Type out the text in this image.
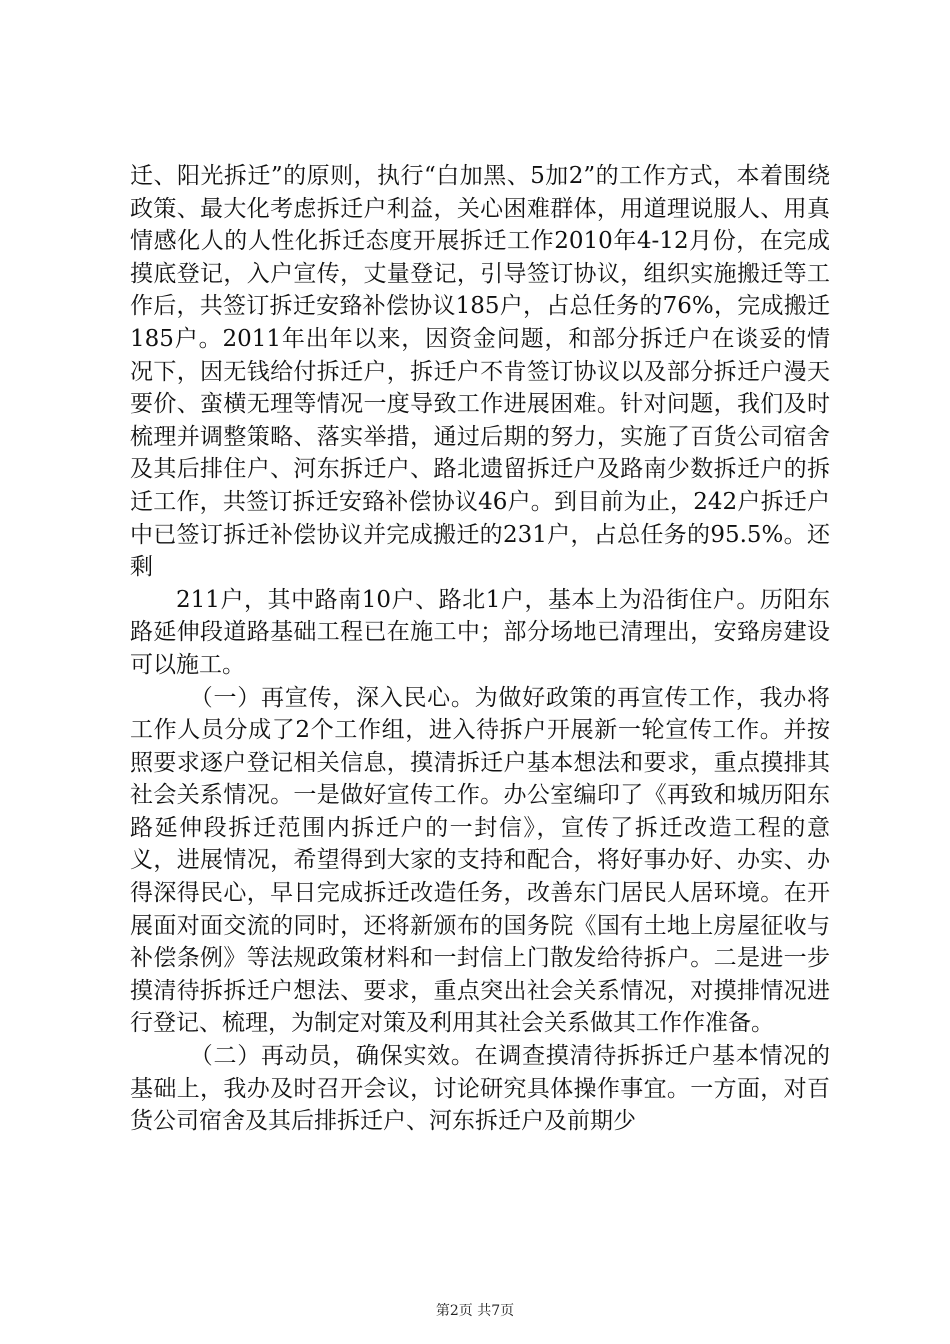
迁、阳光拆迁”的原则，执行“白加黑、5加2”的工作方式，本着围绕政策、最大化考虑拆迁户利益，关心困难群体，用道理说服人、用真情感化人的人性化拆迁态度开展拆迁工作2010年4-12月份，在完成摸底登记，入户宣传，丈量登记，引导签订协议，组织实施搬迁等工作后，共签订拆迁安臵补偿协议185户，占总任务的76%，完成搬迁185户。2011年出年以来，因资金问题，和部分拆迁户在谈妥的情况下，因无钱给付拆迁户，拆迁户不肯签订协议以及部分拆迁户漫天要价、蛮横无理等情况一度导致工作进展困难。针对问题，我们及时梳理并调整策略、落实举措，通过后期的努力，实施了百货公司宿舍及其后排住户、河东拆迁户、路北遗留拆迁户及路南少数拆迁户的拆迁工作，共签订拆迁安臵补偿协议46户。到目前为止，242户拆迁户中已签订拆迁补偿协议并完成搬迁的231户，占总任务的95.5%。还剩

211户，其中路南10户、路北1户，基本上为沿街住户。历阳东路延伸段道路基础工程已在施工中；部分场地已清理出，安臵房建设可以施工。

（一）再宣传，深入民心。为做好政策的再宣传工作，我办将工作人员分成了2个工作组，进入待拆户开展新一轮宣传工作。并按照要求逐户登记相关信息，摸清拆迁户基本想法和要求，重点摸排其社会关系情况。一是做好宣传工作。办公室编印了《再致和城历阳东路延伸段拆迁范围内拆迁户的一封信》，宣传了拆迁改造工程的意义，进展情况，希望得到大家的支持和配合，将好事办好、办实、办得深得民心，早日完成拆迁改造任务，改善东门居民人居环境。在开展面对面交流的同时，还将新颁布的国务院《国有土地上房屋征收与补偿条例》等法规政策材料和一封信上门散发给待拆户。二是进一步摸清待拆拆迁户想法、要求，重点突出社会关系情况，对摸排情况进行登记、梳理，为制定对策及利用其社会关系做其工作作准备。

（二）再动员，确保实效。在调查摸清待拆拆迁户基本情况的基础上，我办及时召开会议，讨论研究具体操作事宜。一方面，对百货公司宿舍及其后排拆迁户、河东拆迁户及前期少

第2页 共7页
